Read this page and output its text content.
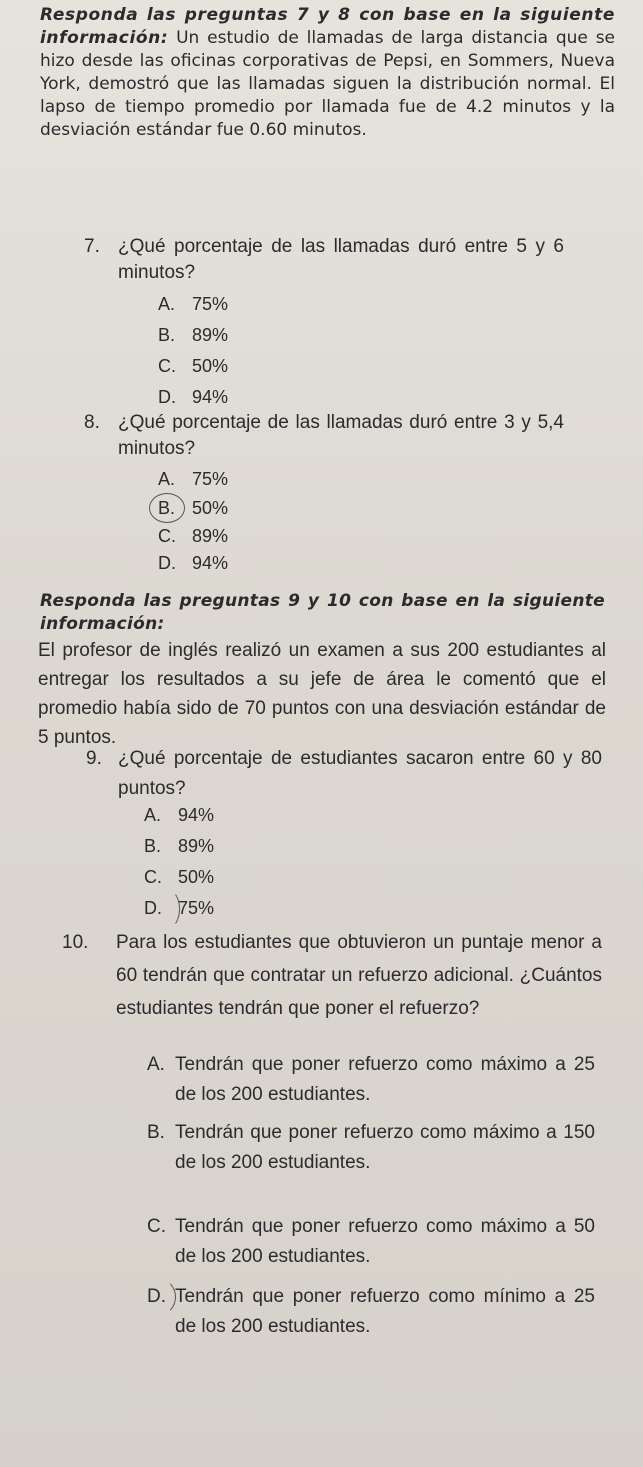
Responda las preguntas 7 y 8 con base en la siguiente información: Un estudio de llamadas de larga distancia que se hizo desde las oficinas corporativas de Pepsi, en Sommers, Nueva York, demostró que las llamadas siguen la distribución normal. El lapso de tiempo promedio por llamada fue de 4.2 minutos y la desviación estándar fue 0.60 minutos.
7. ¿Qué porcentaje de las llamadas duró entre 5 y 6 minutos?
A. 75%
B. 89%
C. 50%
D. 94%
8. ¿Qué porcentaje de las llamadas duró entre 3 y 5,4 minutos?
A. 75%
B. 50%
C. 89%
D. 94%
Responda las preguntas 9 y 10 con base en la siguiente información:
El profesor de inglés realizó un examen a sus 200 estudiantes al entregar los resultados a su jefe de área le comentó que el promedio había sido de 70 puntos con una desviación estándar de 5 puntos.
9. ¿Qué porcentaje de estudiantes sacaron entre 60 y 80 puntos?
A. 94%
B. 89%
C. 50%
D. 75%
10.	Para los estudiantes que obtuvieron un puntaje menor a 60 tendrán que contratar un refuerzo adicional. ¿Cuántos estudiantes tendrán que poner el refuerzo?
A. Tendrán que poner refuerzo como máximo a 25 de los 200 estudiantes.
B. Tendrán que poner refuerzo como máximo a 150 de los 200 estudiantes.
C. Tendrán que poner refuerzo como máximo a 50 de los 200 estudiantes.
D. Tendrán que poner refuerzo como mínimo a 25 de los 200 estudiantes.
